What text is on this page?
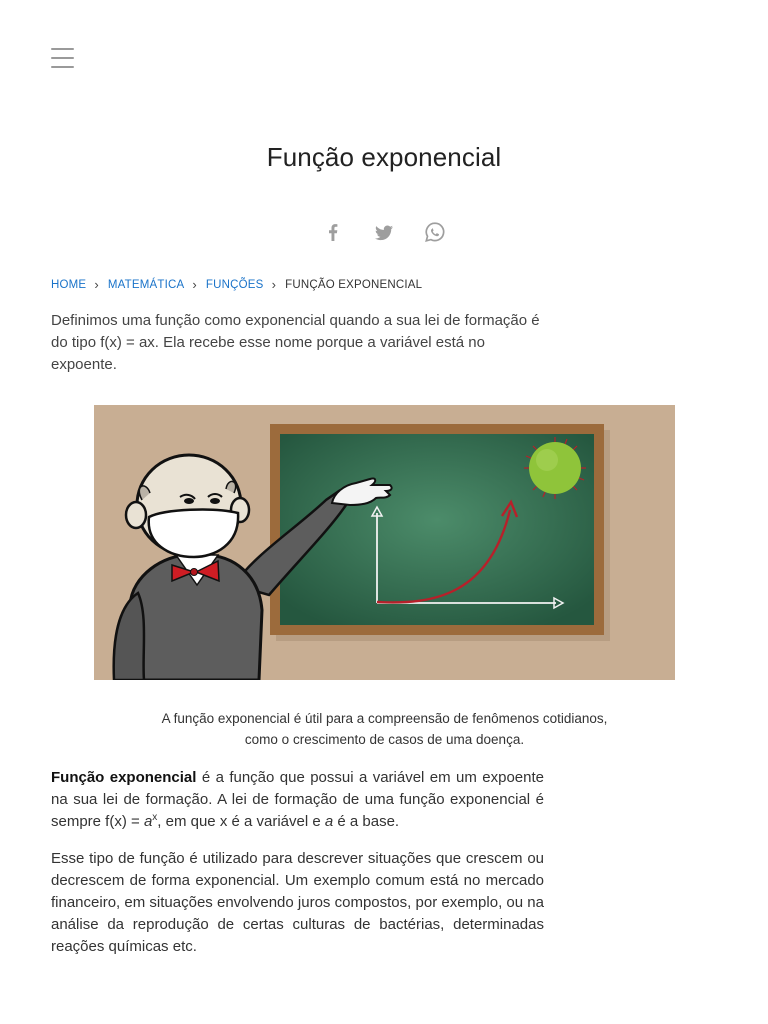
Função exponencial
HOME › MATEMÁTICA › FUNÇÕES › FUNÇÃO EXPONENCIAL

Definimos uma função como exponencial quando a sua lei de formação é do tipo f(x) = ax. Ela recebe esse nome porque a variável está no expoente.

A função exponencial é útil para a compreensão de fenômenos cotidianos,
como o crescimento de casos de uma doença.

Função exponencial é a função que possui a variável em um expoente na sua lei de formação. A lei de formação de uma função exponencial é sempre $f(x) = a^x$, em que x é a variável e a é a base.

Esse tipo de função é utilizado para descrever situações que crescem ou decrescem de forma exponencial. Um exemplo comum está no mercado financeiro, em situações envolvendo juros compostos, por exemplo, ou na análise da reprodução de certas culturas de bactérias, determinadas reações químicas etc.
